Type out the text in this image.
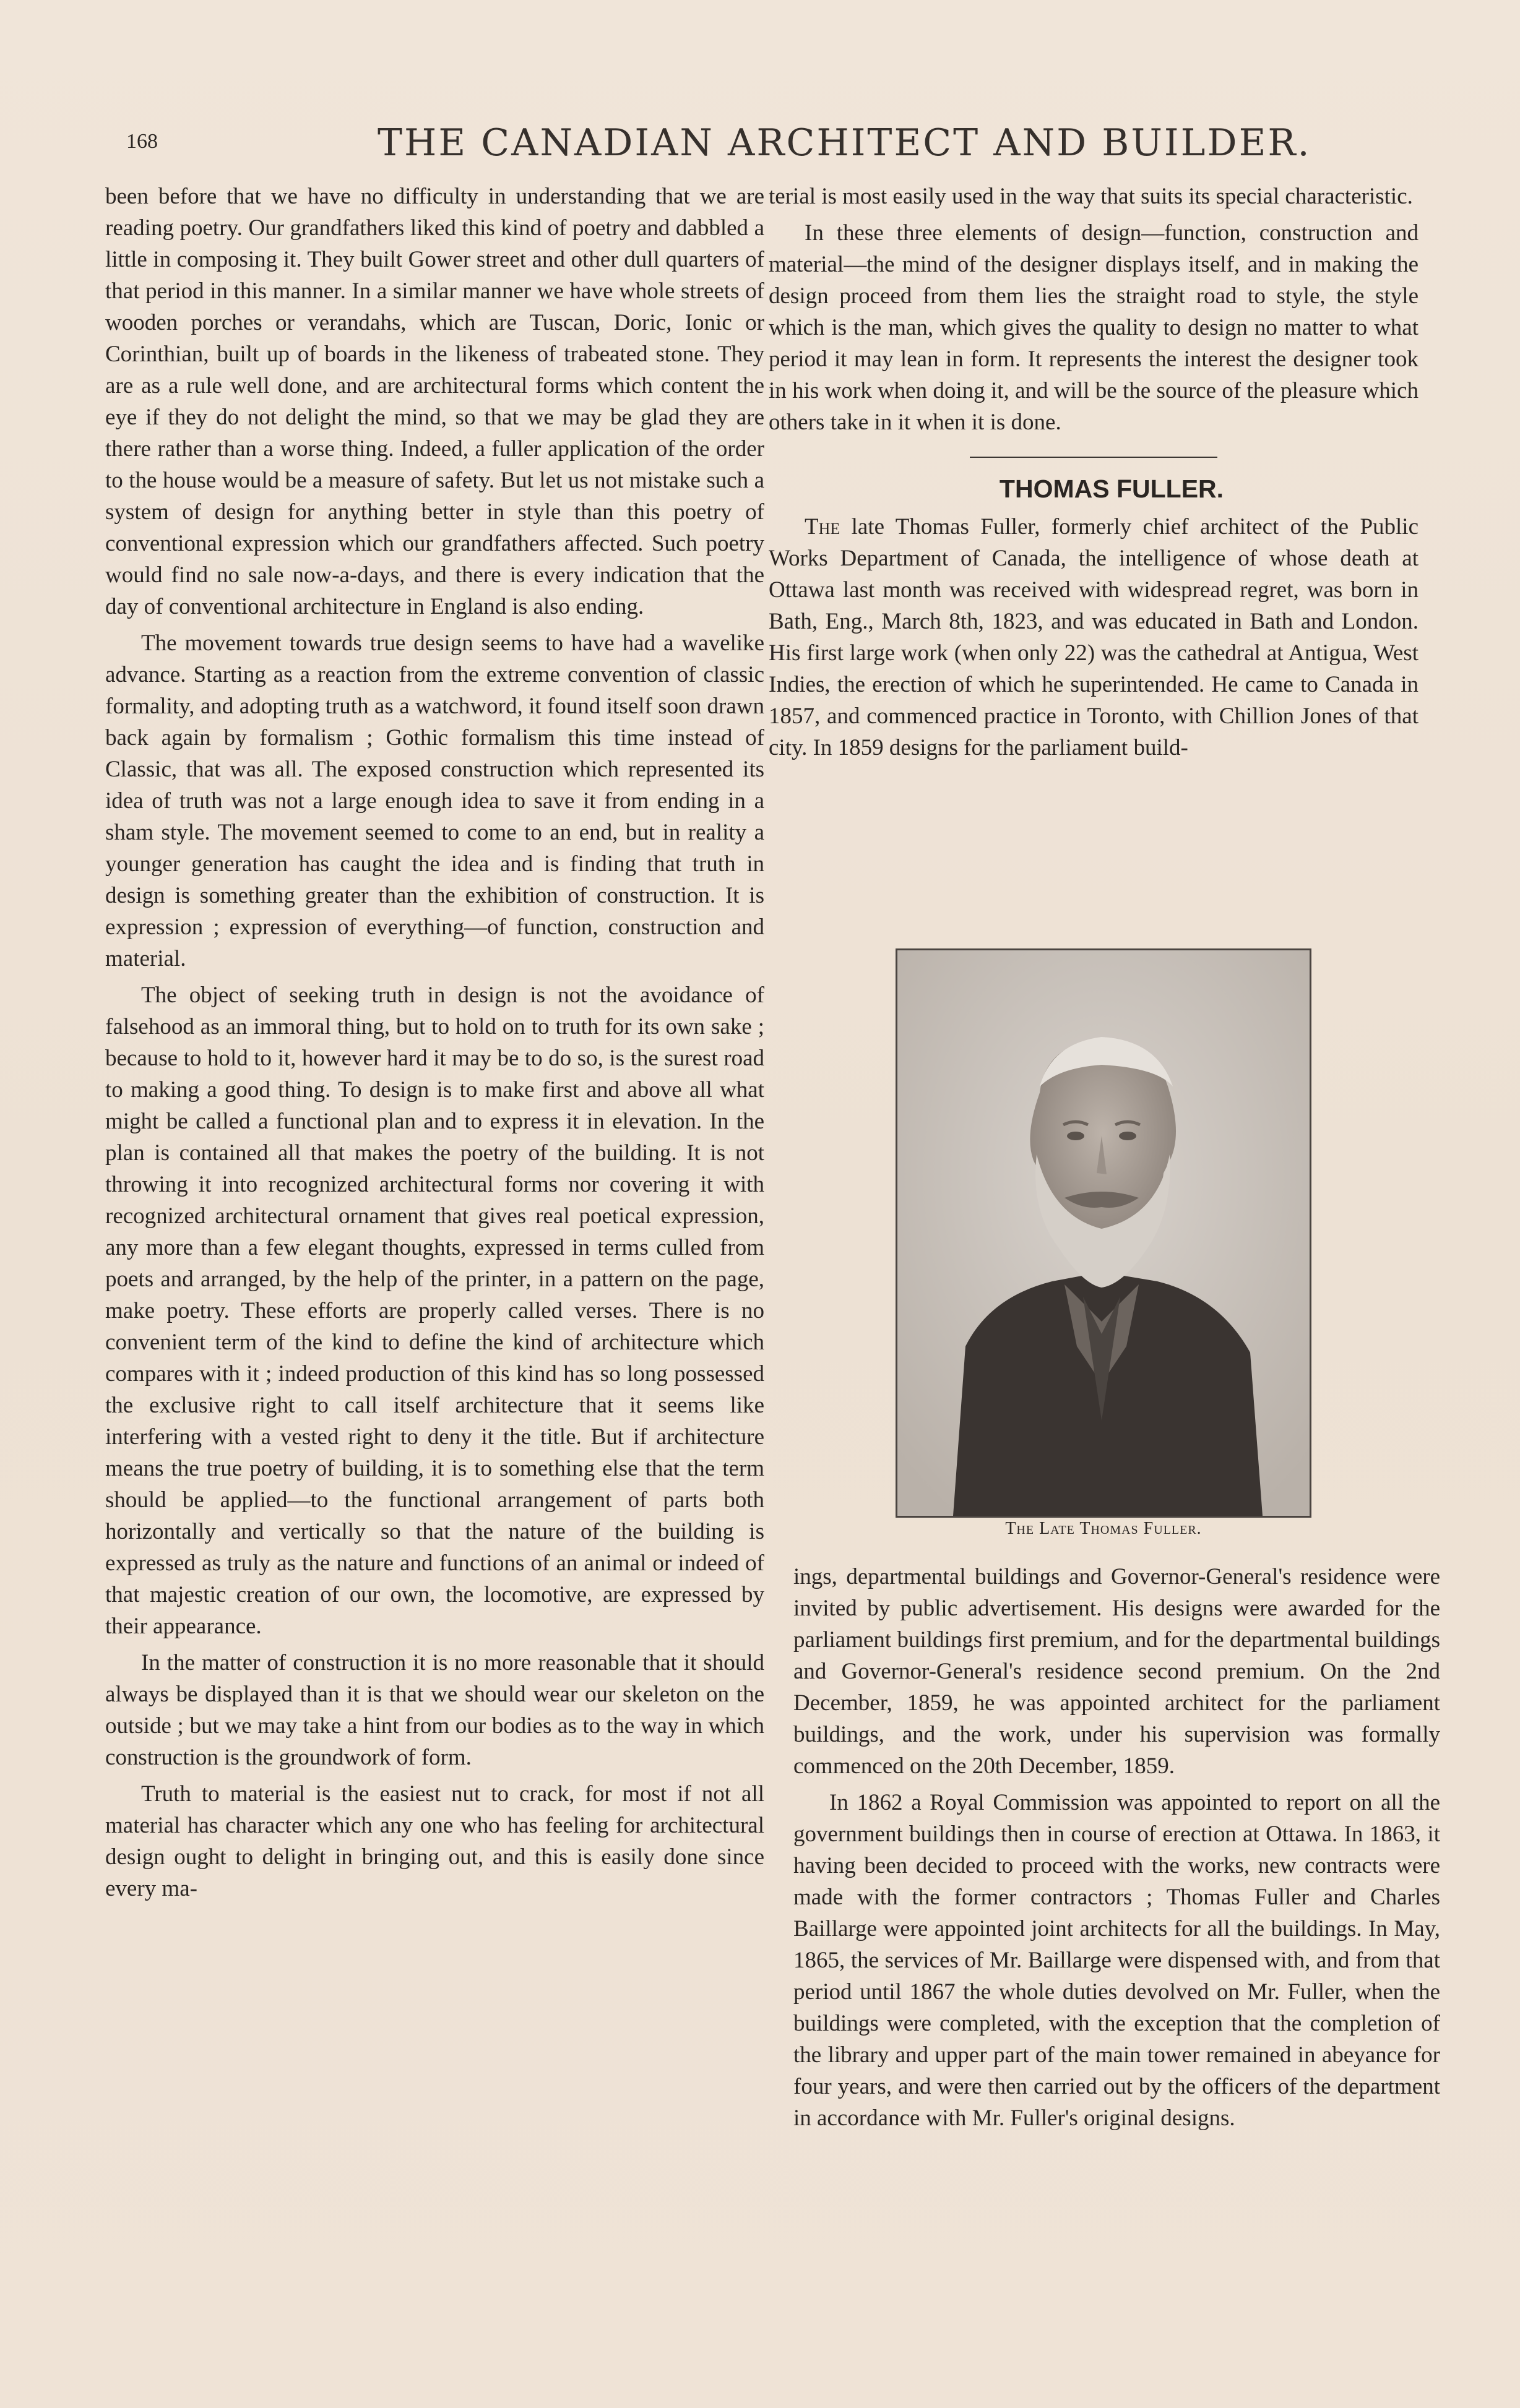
168	THE CANADIAN ARCHITECT AND BUILDER.

been before that we have no difficulty in understanding that we are reading poetry. Our grandfathers liked this kind of poetry and dabbled a little in composing it. They built Gower street and other dull quarters of that period in this manner. In a similar manner we have whole streets of wooden porches or verandahs, which are Tuscan, Doric, Ionic or Corinthian, built up of boards in the likeness of trabeated stone. They are as a rule well done, and are architectural forms which content the eye if they do not delight the mind, so that we may be glad they are there rather than a worse thing. Indeed, a fuller application of the order to the house would be a measure of safety. But let us not mistake such a system of design for anything better in style than this poetry of conventional expression which our grandfathers affected. Such poetry would find no sale now-a-days, and there is every indication that the day of conventional architecture in England is also ending.

The movement towards true design seems to have had a wavelike advance. Starting as a reaction from the extreme convention of classic formality, and adopting truth as a watchword, it found itself soon drawn back again by formalism ; Gothic formalism this time instead of Classic, that was all. The exposed construction which represented its idea of truth was not a large enough idea to save it from ending in a sham style. The movement seemed to come to an end, but in reality a younger generation has caught the idea and is finding that truth in design is something greater than the exhibition of construction. It is expression ; expression of everything—of function, construction and material.

The object of seeking truth in design is not the avoidance of falsehood as an immoral thing, but to hold on to truth for its own sake ; because to hold to it, however hard it may be to do so, is the surest road to making a good thing. To design is to make first and above all what might be called a functional plan and to express it in elevation. In the plan is contained all that makes the poetry of the building. It is not throwing it into recognized architectural forms nor covering it with recognized architectural ornament that gives real poetical expression, any more than a few elegant thoughts, expressed in terms culled from poets and arranged, by the help of the printer, in a pattern on the page, make poetry. These efforts are properly called verses. There is no convenient term of the kind to define the kind of architecture which compares with it ; indeed production of this kind has so long possessed the exclusive right to call itself architecture that it seems like interfering with a vested right to deny it the title. But if architecture means the true poetry of building, it is to something else that the term should be applied—to the functional arrangement of parts both horizontally and vertically so that the nature of the building is expressed as truly as the nature and functions of an animal or indeed of that majestic creation of our own, the locomotive, are expressed by their appearance.

In the matter of construction it is no more reasonable that it should always be displayed than it is that we should wear our skeleton on the outside ; but we may take a hint from our bodies as to the way in which construction is the groundwork of form.

Truth to material is the easiest nut to crack, for most if not all material has character which any one who has feeling for architectural design ought to delight in bringing out, and this is easily done since every ma-

terial is most easily used in the way that suits its special characteristic.

In these three elements of design—function, construction and material—the mind of the designer displays itself, and in making the design proceed from them lies the straight road to style, the style which is the man, which gives the quality to design no matter to what period it may lean in form. It represents the interest the designer took in his work when doing it, and will be the source of the pleasure which others take in it when it is done.

THOMAS FULLER.

The late Thomas Fuller, formerly chief architect of the Public Works Department of Canada, the intelligence of whose death at Ottawa last month was received with widespread regret, was born in Bath, Eng., March 8th, 1823, and was educated in Bath and London. His first large work (when only 22) was the cathedral at Antigua, West Indies, the erection of which he superintended. He came to Canada in 1857, and commenced practice in Toronto, with Chillion Jones of that city. In 1859 designs for the parliament build-

The Late Thomas Fuller.

ings, departmental buildings and Governor-General's residence were invited by public advertisement. His designs were awarded for the parliament buildings first premium, and for the departmental buildings and Governor-General's residence second premium. On the 2nd December, 1859, he was appointed architect for the parliament buildings, and the work, under his supervision was formally commenced on the 20th December, 1859.

In 1862 a Royal Commission was appointed to report on all the government buildings then in course of erection at Ottawa. In 1863, it having been decided to proceed with the works, new contracts were made with the former contractors ; Thomas Fuller and Charles Baillarge were appointed joint architects for all the buildings. In May, 1865, the services of Mr. Baillarge were dispensed with, and from that period until 1867 the whole duties devolved on Mr. Fuller, when the buildings were completed, with the exception that the completion of the library and upper part of the main tower remained in abeyance for four years, and were then carried out by the officers of the department in accordance with Mr. Fuller's original designs.
